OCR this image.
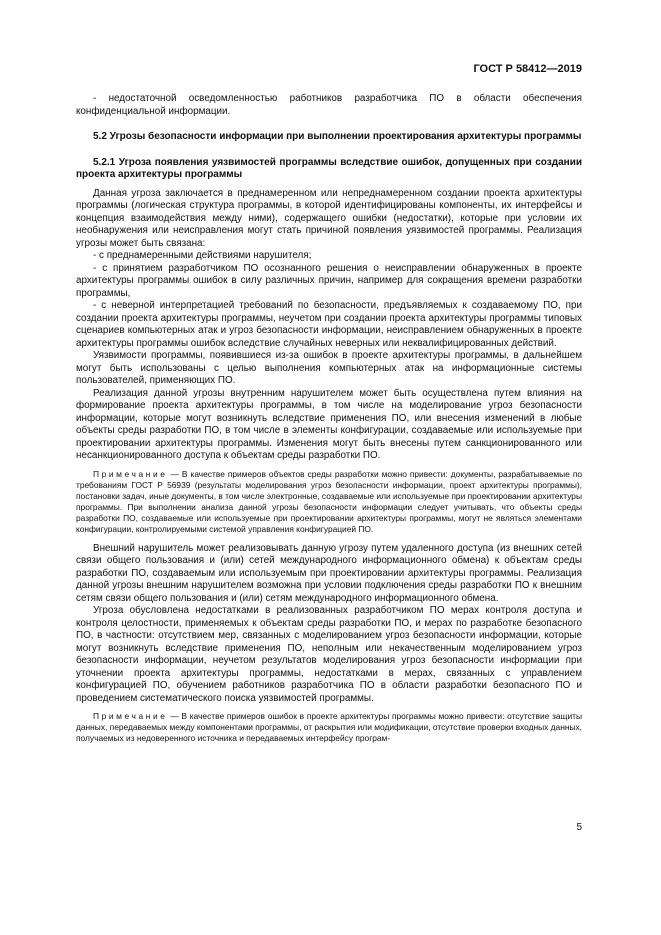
ГОСТ Р 58412—2019

- недостаточной осведомленностью работников разработчика ПО в области обеспечения конфиденциальной информации.

5.2 Угрозы безопасности информации при выполнении проектирования архитектуры программы
5.2.1 Угроза появления уязвимостей программы вследствие ошибок, допущенных при создании проекта архитектуры программы

Данная угроза заключается в преднамеренном или непреднамеренном создании проекта архитектуры программы (логическая структура программы, в которой идентифицированы компоненты, их интерфейсы и концепция взаимодействия между ними), содержащего ошибки (недостатки), которые при условии их необнаружения или неисправления могут стать причиной появления уязвимостей программы. Реализация угрозы может быть связана:

- с преднамеренными действиями нарушителя;

- с принятием разработчиком ПО осознанного решения о неисправлении обнаруженных в проекте архитектуры программы ошибок в силу различных причин, например для сокращения времени разработки программы,

- с неверной интерпретацией требований по безопасности, предъявляемых к создаваемому ПО, при создании проекта архитектуры программы, неучетом при создании проекта архитектуры программы типовых сценариев компьютерных атак и угроз безопасности информации, неисправлением обнаруженных в проекте архитектуры программы ошибок вследствие случайных неверных или неквалифицированных действий.

Уязвимости программы, появившиеся из-за ошибок в проекте архитектуры программы, в дальнейшем могут быть использованы с целью выполнения компьютерных атак на информационные системы пользователей, применяющих ПО.

Реализация данной угрозы внутренним нарушителем может быть осуществлена путем влияния на формирование проекта архитектуры программы, в том числе на моделирование угроз безопасности информации, которые могут возникнуть вследствие применения ПО, или внесения изменений в любые объекты среды разработки ПО, в том числе в элементы конфигурации, создаваемые или используемые при проектировании архитектуры программы. Изменения могут быть внесены путем санкционированного или несанкционированного доступа к объектам среды разработки ПО.

Примечание — В качестве примеров объектов среды разработки можно привести: документы, разрабатываемые по требованиям ГОСТ Р 56939 (результаты моделирования угроз безопасности информации, проект архитектуры программы), постановки задач, иные документы, в том числе электронные, создаваемые или используемые при проектировании архитектуры программы. При выполнении анализа данной угрозы безопасности информации следует учитывать, что объекты среды разработки ПО, создаваемые или используемые при проектировании архитектуры программы, могут не являться элементами конфигурации, контролируемыми системой управления конфигурацией ПО.

Внешний нарушитель может реализовывать данную угрозу путем удаленного доступа (из внешних сетей связи общего пользования и (или) сетей международного информационного обмена) к объектам среды разработки ПО, создаваемым или используемым при проектировании архитектуры программы. Реализация данной угрозы внешним нарушителем возможна при условии подключения среды разработки ПО к внешним сетям связи общего пользования и (или) сетям международного информационного обмена.

Угроза обусловлена недостатками в реализованных разработчиком ПО мерах контроля доступа и контроля целостности, применяемых к объектам среды разработки ПО, и мерах по разработке безопасного ПО, в частности: отсутствием мер, связанных с моделированием угроз безопасности информации, которые могут возникнуть вследствие применения ПО, неполным или некачественным моделированием угроз безопасности информации, неучетом результатов моделирования угроз безопасности информации при уточнении проекта архитектуры программы, недостатками в мерах, связанных с управлением конфигурацией ПО, обучением работников разработчика ПО в области разработки безопасного ПО и проведением систематического поиска уязвимостей программы.

Примечание — В качестве примеров ошибок в проекте архитектуры программы можно привести: отсутствие защиты данных, передаваемых между компонентами программы, от раскрытия или модификации, отсутствие проверки входных данных, получаемых из недоверенного источника и передаваемых интерфейсу програм-

5
